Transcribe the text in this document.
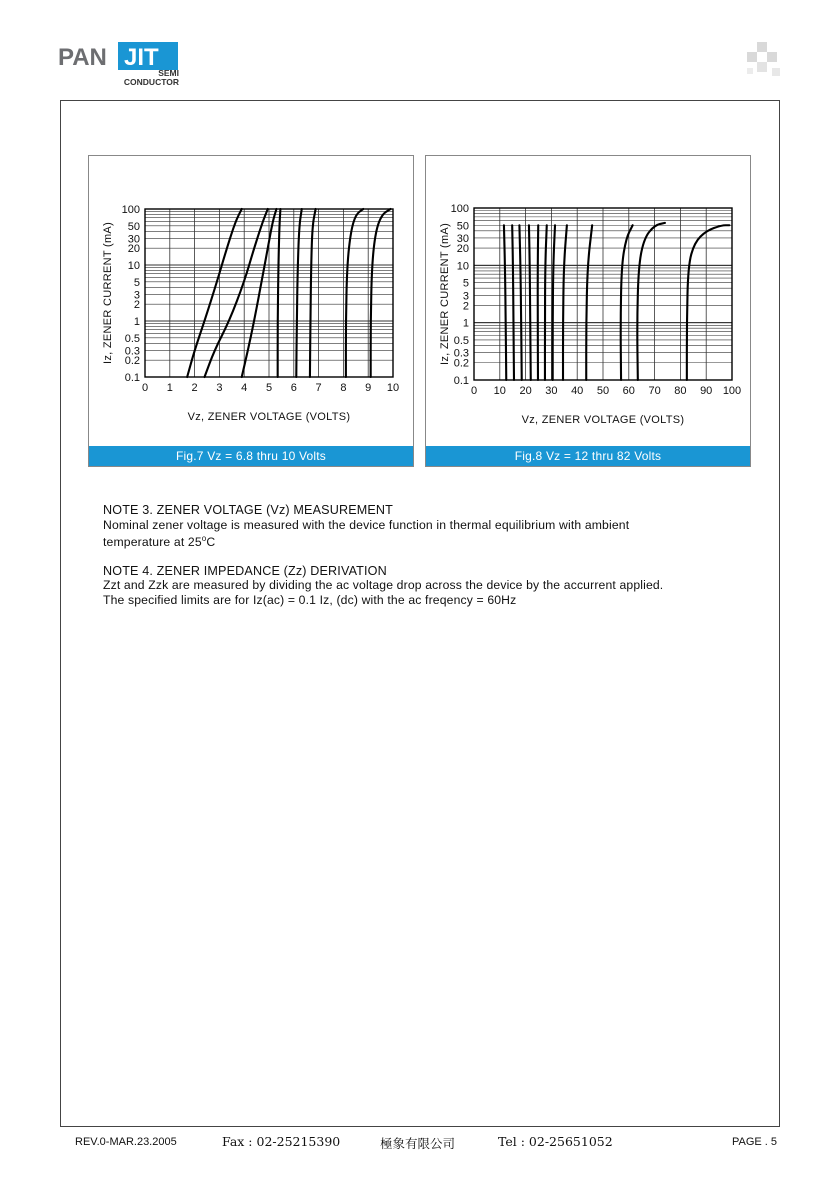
PAN JIT
SEMI
CONDUCTOR
0 1 2 3 4 5 6 7 8 9 10
100
50
30
20
10
5
3
2
1
0.5
0.3
0.2
0.1
Vz, ZENER VOLTAGE (VOLTS)
Iz, ZENER CURRENT (mA)
Fig.7 Vz = 6.8 thru 10 Volts
0 10 20 30 40 50 60 70 80 90 100
100
50
30
20
10
5
3
2
1
0.5
0.3
0.2
0.1
Vz, ZENER VOLTAGE (VOLTS)
Iz, ZENER CURRENT (mA)
Fig.8 Vz = 12 thru 82 Volts

NOTE 3. ZENER VOLTAGE (Vz) MEASUREMENT

Nominal zener voltage is measured with the device function in thermal equilibrium with ambient

temperature at 25$^o$C

NOTE 4. ZENER IMPEDANCE (Zz) DERIVATION

Zzt and Zzk are measured by dividing the ac voltage drop across the device by the accurrent applied.

The specified limits are for Iz(ac) = 0.1 Iz, (dc) with the ac freqency = 60Hz

REV.0-MAR.23.2005	Fax : 02-25215390	極象有限公司	Tel : 02-25651052	PAGE . 5
